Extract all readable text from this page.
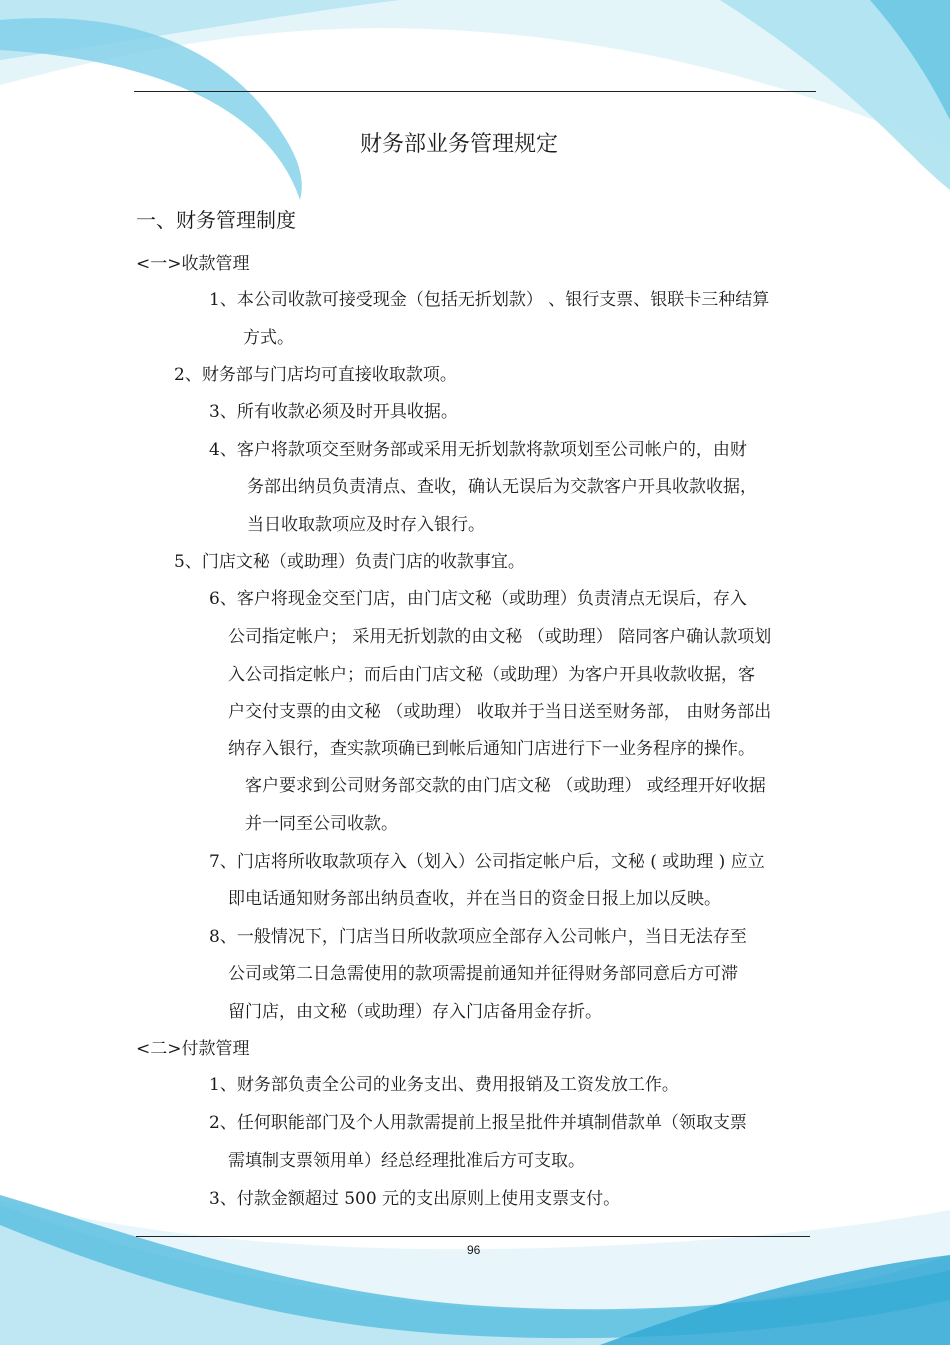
财务部业务管理规定
一、财务管理制度
<一>收款管理
1、本公司收款可接受现金（包括无折划款） 、银行支票、银联卡三种结算
方式。
2、财务部与门店均可直接收取款项。
3、所有收款必须及时开具收据。
4、客户将款项交至财务部或采用无折划款将款项划至公司帐户的，由财
务部出纳员负责清点、查收，确认无误后为交款客户开具收款收据，
当日收取款项应及时存入银行。
5、门店文秘（或助理）负责门店的收款事宜。
6、客户将现金交至门店，由门店文秘（或助理）负责清点无误后，存入
公司指定帐户； 采用无折划款的由文秘 （或助理） 陪同客户确认款项划
入公司指定帐户；而后由门店文秘（或助理）为客户开具收款收据，客
户交付支票的由文秘 （或助理） 收取并于当日送至财务部， 由财务部出
纳存入银行，查实款项确已到帐后通知门店进行下一业务程序的操作。
客户要求到公司财务部交款的由门店文秘 （或助理） 或经理开好收据
并一同至公司收款。
7、门店将所收取款项存入（划入）公司指定帐户后，文秘 ( 或助理 ) 应立
即电话通知财务部出纳员查收，并在当日的资金日报上加以反映。
8、一般情况下，门店当日所收款项应全部存入公司帐户，当日无法存至
公司或第二日急需使用的款项需提前通知并征得财务部同意后方可滞
留门店，由文秘（或助理）存入门店备用金存折。
<二>付款管理
1、财务部负责全公司的业务支出、费用报销及工资发放工作。
2、任何职能部门及个人用款需提前上报呈批件并填制借款单（领取支票
需填制支票领用单）经总经理批准后方可支取。
3、付款金额超过 500 元的支出原则上使用支票支付。
96
